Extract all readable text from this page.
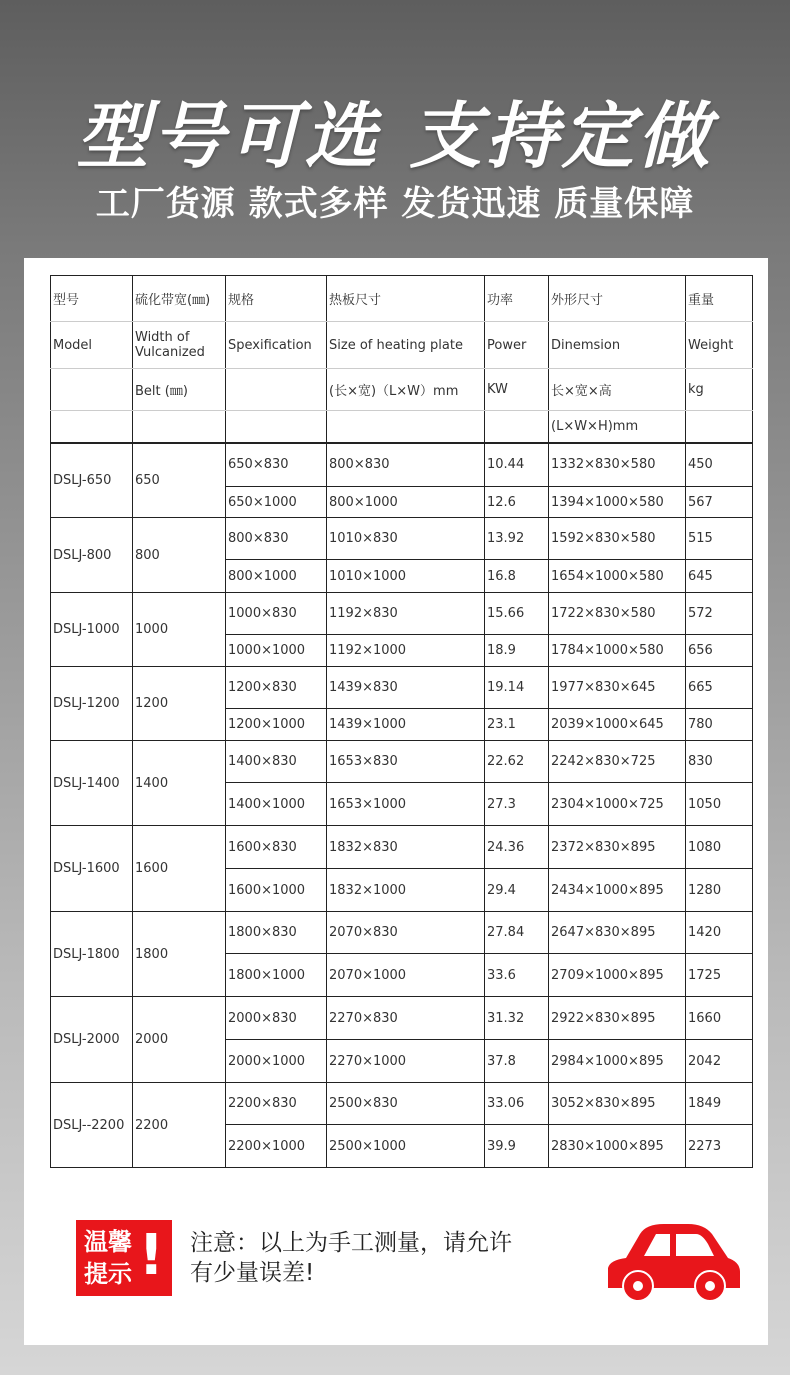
型号可选 支持定做
工厂货源 款式多样 发货迅速 质量保障
型号	硫化带宽(㎜)	规格	热板尺寸	功率	外形尺寸	重量
Model	Width of Vulcanized	Spexification	Size of heating plate	Power	Dinemsion	Weight
	Belt (㎜)		(长×宽)（L×W）mm	KW	长×宽×高	kg
					(L×W×H)mm	
DSLJ-650	650	650×830	800×830	10.44	1332×830×580	450
		650×1000	800×1000	12.6	1394×1000×580	567
DSLJ-800	800	800×830	1010×830	13.92	1592×830×580	515
		800×1000	1010×1000	16.8	1654×1000×580	645
DSLJ-1000	1000	1000×830	1192×830	15.66	1722×830×580	572
		1000×1000	1192×1000	18.9	1784×1000×580	656
DSLJ-1200	1200	1200×830	1439×830	19.14	1977×830×645	665
		1200×1000	1439×1000	23.1	2039×1000×645	780
DSLJ-1400	1400	1400×830	1653×830	22.62	2242×830×725	830
		1400×1000	1653×1000	27.3	2304×1000×725	1050
DSLJ-1600	1600	1600×830	1832×830	24.36	2372×830×895	1080
		1600×1000	1832×1000	29.4	2434×1000×895	1280
DSLJ-1800	1800	1800×830	2070×830	27.84	2647×830×895	1420
		1800×1000	2070×1000	33.6	2709×1000×895	1725
DSLJ-2000	2000	2000×830	2270×830	31.32	2922×830×895	1660
		2000×1000	2270×1000	37.8	2984×1000×895	2042
DSLJ--2200	2200	2200×830	2500×830	33.06	3052×830×895	1849
		2200×1000	2500×1000	39.9	2830×1000×895	2273
温馨
提示 ! 注意：以上为手工测量，请允许
有少量误差!
